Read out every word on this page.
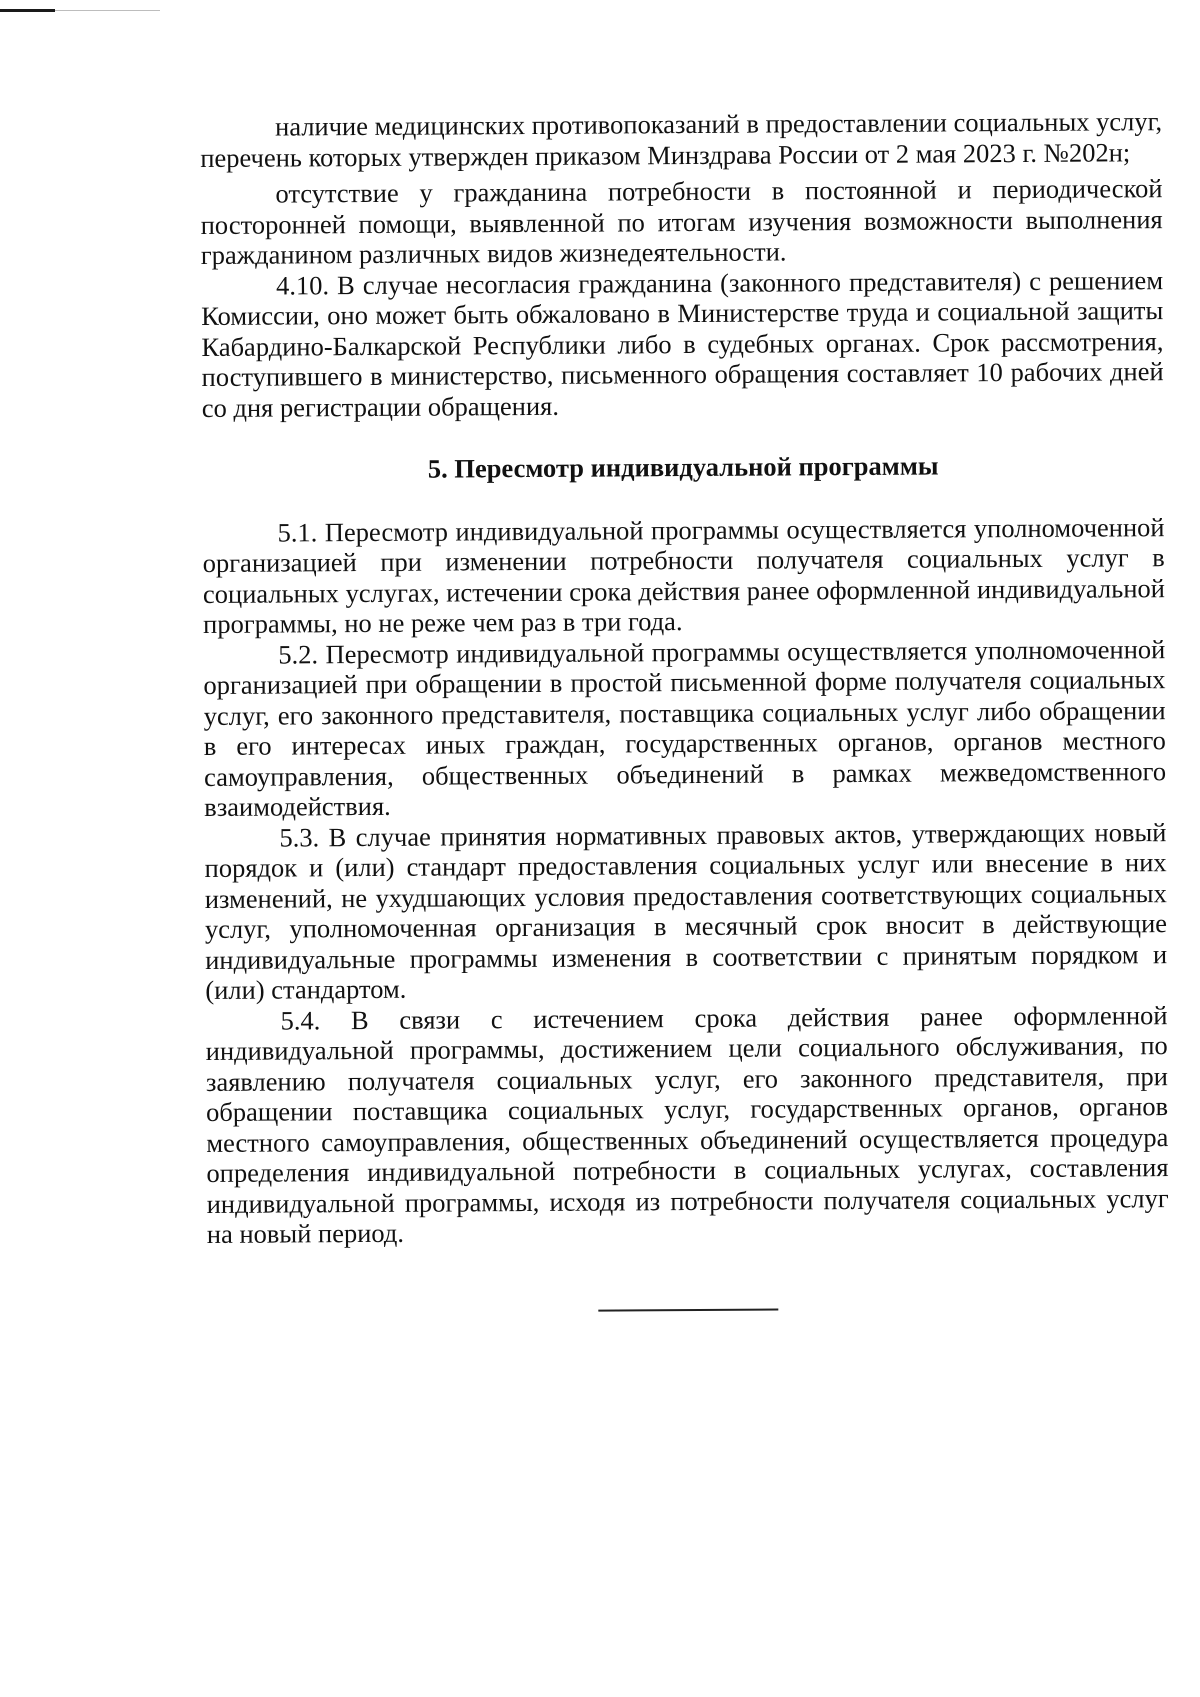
наличие медицинских противопоказаний в предоставлении социальных услуг, перечень которых утвержден приказом Минздрава России от 2 мая 2023 г. №202н;

отсутствие у гражданина потребности в постоянной и периодической посторонней помощи, выявленной по итогам изучения возможности выполнения гражданином различных видов жизнедеятельности.

4.10. В случае несогласия гражданина (законного представителя) с решением Комиссии, оно может быть обжаловано в Министерстве труда и социальной защиты Кабардино-Балкарской Республики либо в судебных органах. Срок рассмотрения, поступившего в министерство, письменного обращения составляет 10 рабочих дней со дня регистрации обращения.

5. Пересмотр индивидуальной программы

5.1. Пересмотр индивидуальной программы осуществляется уполномоченной организацией при изменении потребности получателя социальных услуг в социальных услугах, истечении срока действия ранее оформленной индивидуальной программы, но не реже чем раз в три года.

5.2. Пересмотр индивидуальной программы осуществляется уполномоченной организацией при обращении в простой письменной форме получателя социальных услуг, его законного представителя, поставщика социальных услуг либо обращении в его интересах иных граждан, государственных органов, органов местного самоуправления, общественных объединений в рамках межведомственного взаимодействия.

5.3. В случае принятия нормативных правовых актов, утверждающих новый порядок и (или) стандарт предоставления социальных услуг или внесение в них изменений, не ухудшающих условия предоставления соответствующих социальных услуг, уполномоченная организация в месячный срок вносит в действующие индивидуальные программы изменения в соответствии с принятым порядком и (или) стандартом.

5.4. В связи с истечением срока действия ранее оформленной индивидуальной программы, достижением цели социального обслуживания, по заявлению получателя социальных услуг, его законного представителя, при обращении поставщика социальных услуг, государственных органов, органов местного самоуправления, общественных объединений осуществляется процедура определения индивидуальной потребности в социальных услугах, составления индивидуальной программы, исходя из потребности получателя социальных услуг на новый период.
